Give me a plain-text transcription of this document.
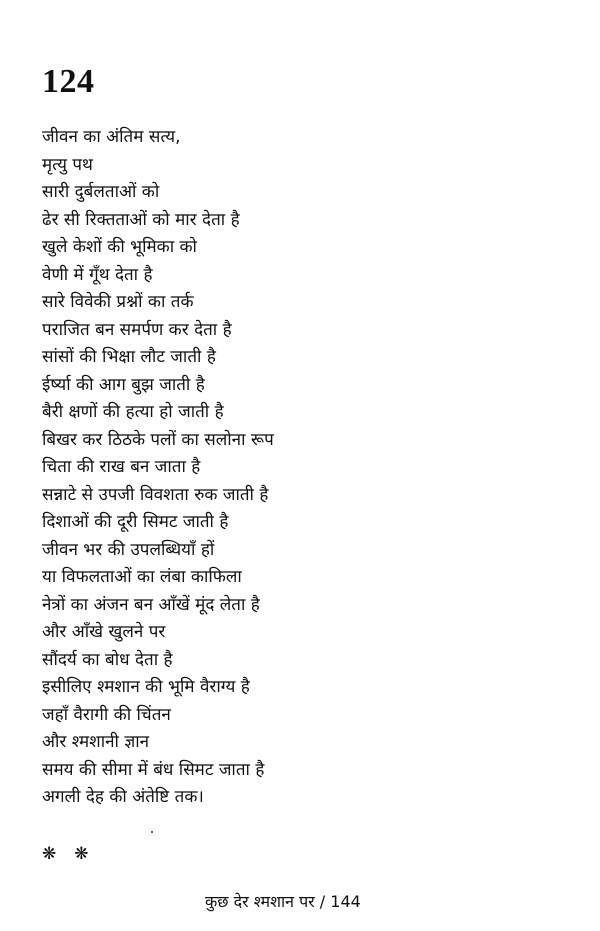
124
जीवन का अंतिम सत्य,
मृत्यु पथ
सारी दुर्बलताओं को
ढेर सी रिक्तताओं को मार देता है
खुले केशों की भूमिका को
वेणी में गूँथ देता है
सारे विवेकी प्रश्नों का तर्क
पराजित बन समर्पण कर देता है
सांसों की भिक्षा लौट जाती है
ईर्ष्या की आग बुझ जाती है
बैरी क्षणों की हत्या हो जाती है
बिखर कर ठिठके पलों का सलोना रूप
चिता की राख बन जाता है
सन्नाटे से उपजी विवशता रुक जाती है
दिशाओं की दूरी सिमट जाती है
जीवन भर की उपलब्धियाँ हों
या विफलताओं का लंबा काफिला
नेत्रों का अंजन बन आँखें मूंद लेता है
और आँखे खुलने पर
सौंदर्य का बोध देता है
इसीलिए श्मशान की भूमि वैराग्य है
जहाँ वैरागी की चिंतन
और श्मशानी ज्ञान
समय की सीमा में बंध सिमट जाता है
अगली देह की अंतेष्टि तक।
❋ ❋
कुछ देर श्मशान पर / 144
